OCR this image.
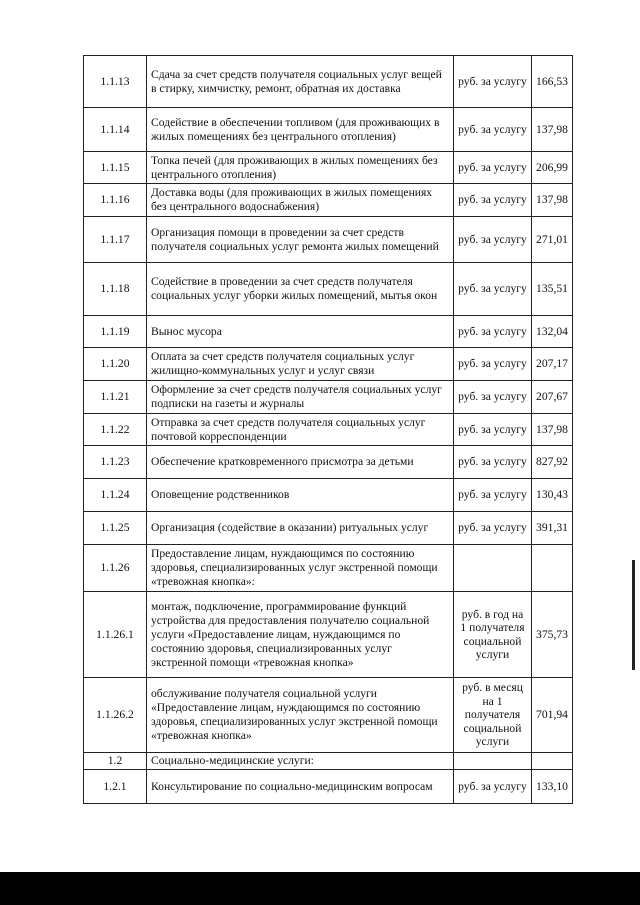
1.1.13	Сдача за счет средств получателя социальных услуг вещей в стирку, химчистку, ремонт, обратная их доставка	руб. за услугу	166,53
1.1.14	Содействие в обеспечении топливом (для проживающих в жилых помещениях без центрального отопления)	руб. за услугу	137,98
1.1.15	Топка печей (для проживающих в жилых помещениях без центрального отопления)	руб. за услугу	206,99
1.1.16	Доставка воды (для проживающих в жилых помещениях без центрального водоснабжения)	руб. за услугу	137,98
1.1.17	Организация помощи в проведении за счет средств получателя социальных услуг ремонта жилых помещений	руб. за услугу	271,01
1.1.18	Содействие в проведении за счет средств получателя социальных услуг уборки жилых помещений, мытья окон	руб. за услугу	135,51
1.1.19	Вынос мусора	руб. за услугу	132,04
1.1.20	Оплата за счет средств получателя социальных услуг жилищно-коммунальных услуг и услуг связи	руб. за услугу	207,17
1.1.21	Оформление за счет средств получателя социальных услуг подписки на газеты и журналы	руб. за услугу	207,67
1.1.22	Отправка за счет средств получателя социальных услуг почтовой корреспонденции	руб. за услугу	137,98
1.1.23	Обеспечение кратковременного присмотра за детьми	руб. за услугу	827,92
1.1.24	Оповещение родственников	руб. за услугу	130,43
1.1.25	Организация (содействие в оказании) ритуальных услуг	руб. за услугу	391,31
1.1.26	Предоставление лицам, нуждающимся по состоянию здоровья, специализированных услуг экстренной помощи «тревожная кнопка»:		
1.1.26.1	монтаж, подключение, программирование функций устройства для предоставления получателю социальной услуги «Предоставление лицам, нуждающимся по состоянию здоровья, специализированных услуг экстренной помощи «тревожная кнопка»	руб. в год на 1 получателя социальной услуги	375,73
1.1.26.2	обслуживание получателя социальной услуги «Предоставление лицам, нуждающимся по состоянию здоровья, специализированных услуг экстренной помощи «тревожная кнопка»	руб. в месяц на 1 получателя социальной услуги	701,94
1.2	Социально-медицинские услуги:		
1.2.1	Консультирование по социально-медицинским вопросам	руб. за услугу	133,10
